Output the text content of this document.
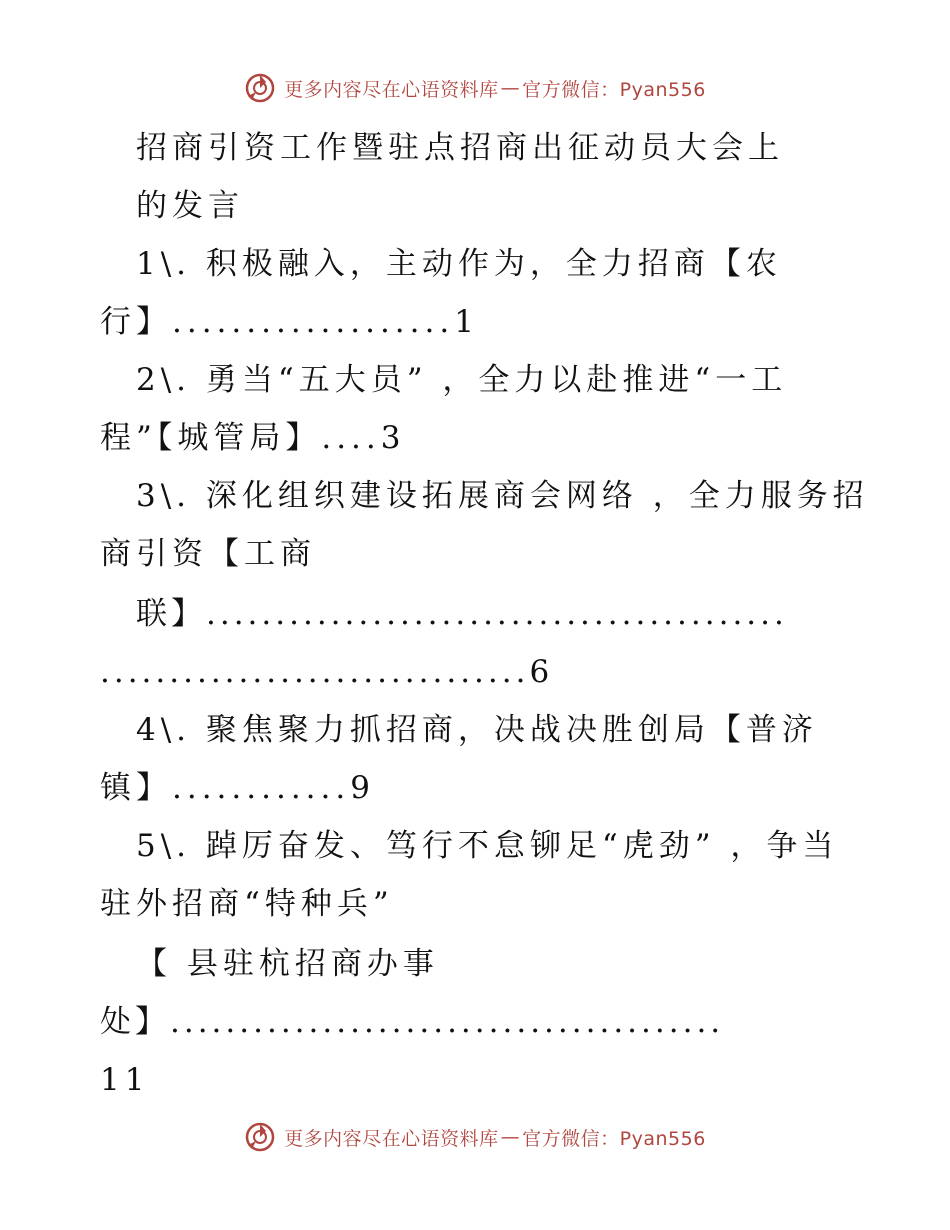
更多内容尽在心语资料库 — 官方微信：Pyan556
招商引资工作暨驻点招商出征动员大会上
的发言
1\. 积极融入，主动作为，全力招商【农
行】...................1
2\. 勇当“五大员” ，全力以赴推进“一工
程”【城管局】....3
3\. 深化组织建设拓展商会网络 ，全力服务招
商引资【工商
联】..........................................
...............................6
4\. 聚焦聚力抓招商，决战决胜创局【普济
镇】............9
5\. 踔厉奋发、笃行不怠铆足“虎劲” ，争当
驻外招商“特种兵”
【 县驻杭招商办事
处】........................................
11
更多内容尽在心语资料库 — 官方微信：Pyan556
